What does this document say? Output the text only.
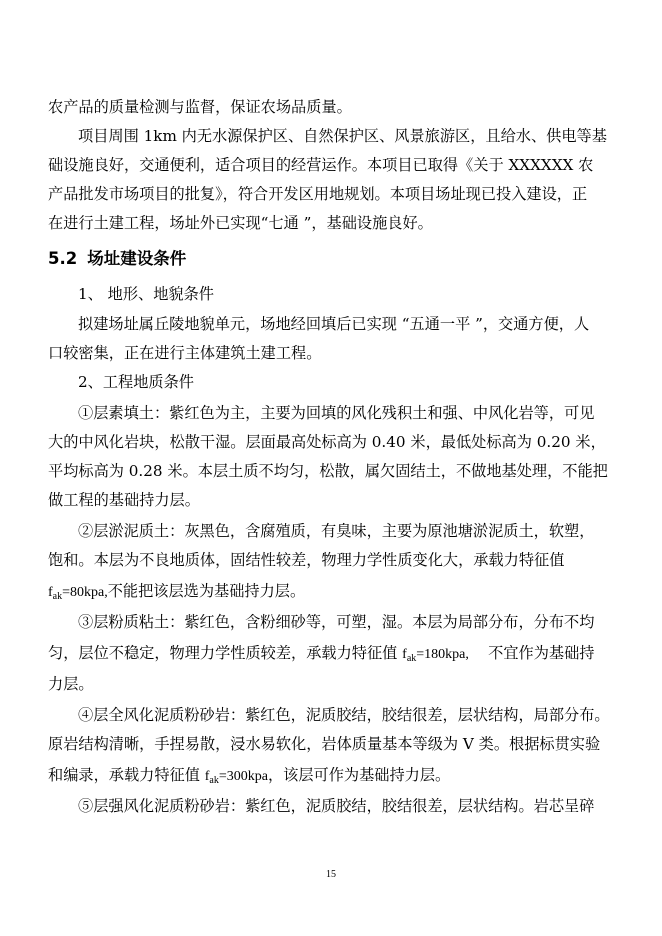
农产品的质量检测与监督，保证农场品质量。
项目周围 1km 内无水源保护区、自然保护区、风景旅游区，且给水、供电等基
础设施良好，交通便利，适合项目的经营运作。本项目已取得《关于 XXXXXX 农
产品批发市场项目的批复》，符合开发区用地规划。本项目场址现已投入建设，正
在进行土建工程，场址外已实现“七通 ”，基础设施良好。
5.2 场址建设条件
1、 地形、地貌条件
拟建场址属丘陵地貌单元，场地经回填后已实现 “五通一平 ”，交通方便，人
口较密集，正在进行主体建筑土建工程。
2、工程地质条件
①层素填土：紫红色为主，主要为回填的风化残积土和强、中风化岩等，可见
大的中风化岩块，松散干湿。层面最高处标高为 0.40 米，最低处标高为 0.20 米，
平均标高为 0.28 米。本层土质不均匀，松散，属欠固结土，不做地基处理，不能把
做工程的基础持力层。
②层淤泥质土：灰黑色，含腐殖质，有臭味，主要为原池塘淤泥质土，软塑，
饱和。本层为不良地质体，固结性较差，物理力学性质变化大，承载力特征值
$f_{ak}=80kpa$,不能把该层选为基础持力层。
③层粉质粘土：紫红色，含粉细砂等，可塑，湿。本层为局部分布，分布不均
匀，层位不稳定，物理力学性质较差，承载力特征值 $f_{ak}=180kpa$,    不宜作为基础持
力层。
④层全风化泥质粉砂岩：紫红色，泥质胶结，胶结很差，层状结构，局部分布。
原岩结构清晰，手捏易散，浸水易软化，岩体质量基本等级为 V 类。根据标贯实验
和编录，承载力特征值 $f_{ak}=300kpa$，该层可作为基础持力层。
⑤层强风化泥质粉砂岩：紫红色，泥质胶结，胶结很差，层状结构。岩芯呈碎
15
